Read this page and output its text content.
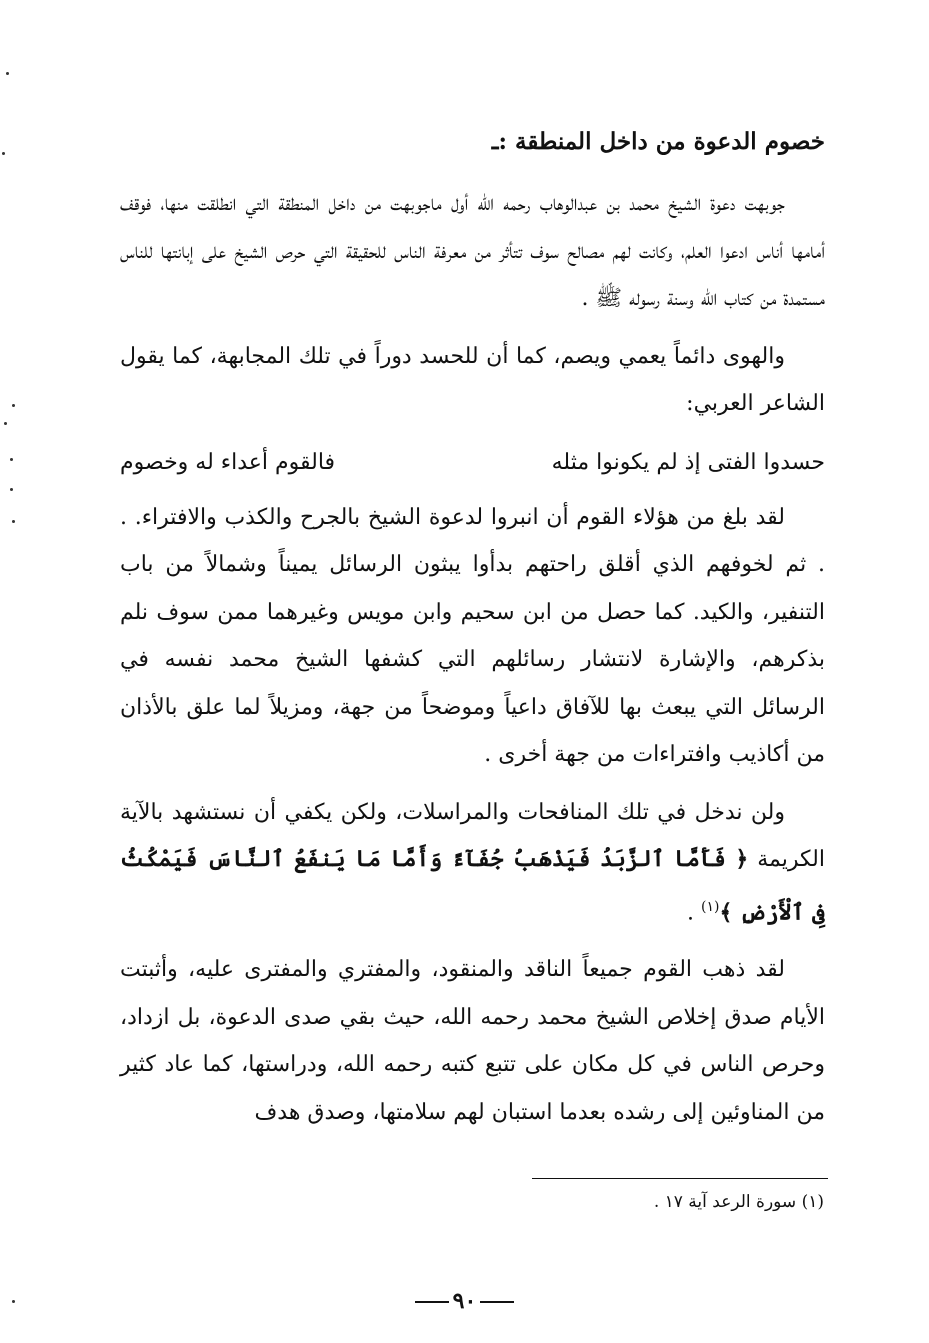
خصوم الدعوة من داخل المنطقة :ـ

جوبهت دعوة الشيخ محمد بن عبدالوهاب رحمه الله أول ماجوبهت من داخل المنطقة التي انطلقت منها، فوقف أمامها أناس ادعوا العلم، وكانت لهم مصالح سوف تتأثر من معرفة الناس للحقيقة التي حرص الشيخ على إبانتها للناس مستمدة من كتاب الله وسنة رسوله ﷺ .

والهوى دائماً يعمي ويصم، كما أن للحسد دوراً في تلك المجابهة، كما يقول الشاعر العربي:

حسدوا الفتى إذ لم يكونوا مثله
فالقوم أعداء له وخصوم

لقد بلغ من هؤلاء القوم أن انبروا لدعوة الشيخ بالجرح والكذب والافتراء. . . ثم لخوفهم الذي أقلق راحتهم بدأوا يبثون الرسائل يميناً وشمالاً من باب التنفير، والكيد. كما حصل من ابن سحيم وابن مويس وغيرهما ممن سوف نلم بذكرهم، والإشارة لانتشار رسائلهم التي كشفها الشيخ محمد نفسه في الرسائل التي يبعث بها للآفاق داعياً وموضحاً من جهة، ومزيلاً لما علق بالأذان من أكاذيب وافتراءات من جهة أخرى .

ولن ندخل في تلك المنافحات والمراسلات، ولكن يكفي أن نستشهد بالآية الكريمة ﴿ فَأَمَّا ٱلزَّبَدُ فَيَذْهَبُ جُفَآءً وَأَمَّا مَا يَنفَعُ ٱلنَّاسَ فَيَمْكُثُ فِى ٱلْأَرْضِ ﴾$^{(١)}$ .

لقد ذهب القوم جميعاً الناقد والمنقود، والمفتري والمفترى عليه، وأثبتت الأيام صدق إخلاص الشيخ محمد رحمه الله، حيث بقي صدى الدعوة، بل ازداد، وحرص الناس في كل مكان على تتبع كتبه رحمه الله، ودراستها، كما عاد كثير من المناوئين إلى رشده بعدما استبان لهم سلامتها، وصدق هدف

(١) سورة الرعد آية ١٧ .
٩٠
